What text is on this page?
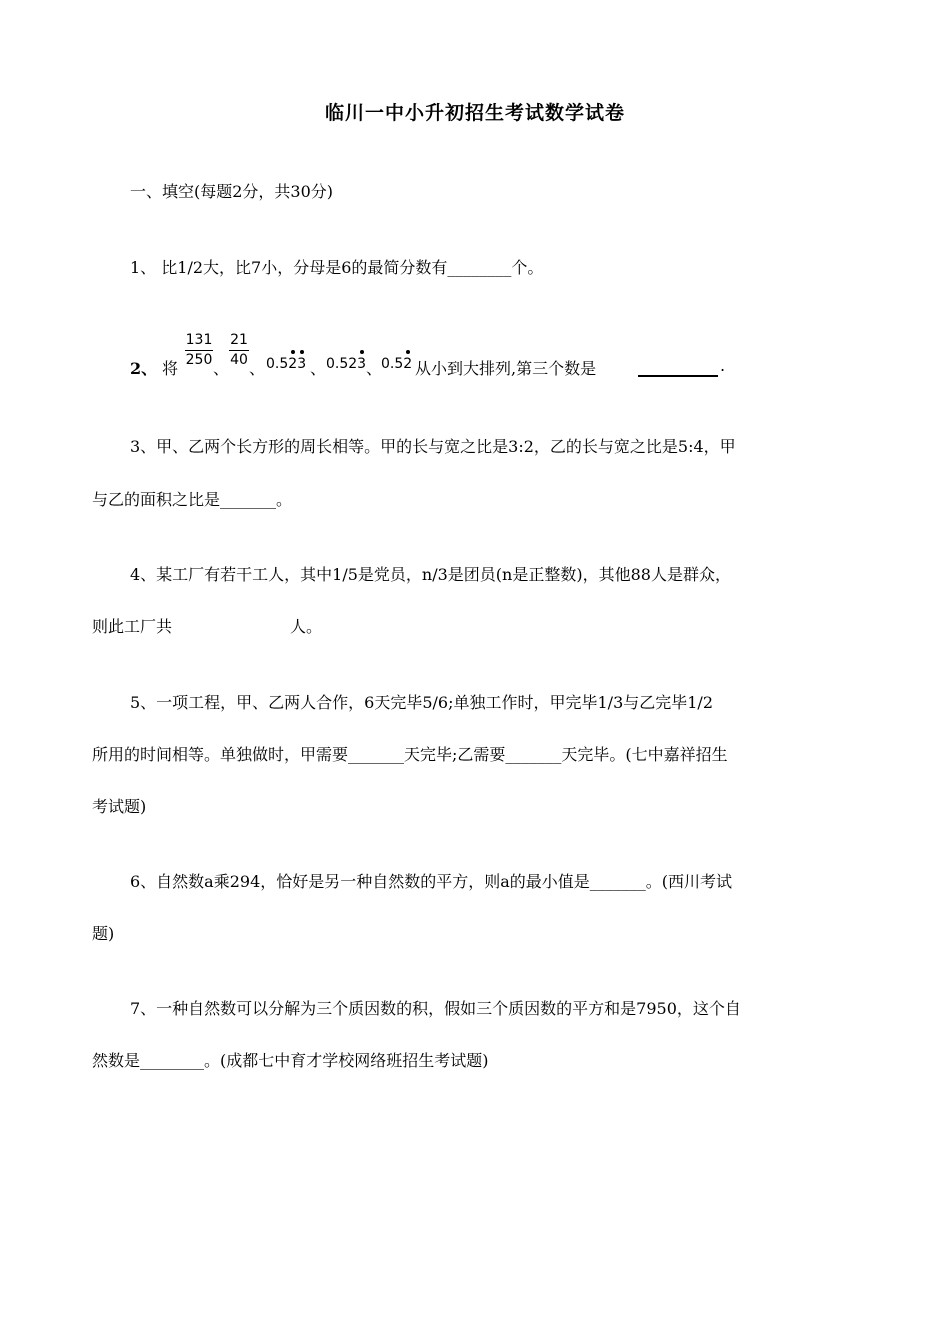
临川一中小升初招生考试数学试卷
一、填空(每题2分，共30分)
1、 比1/2大，比7小，分母是6的最简分数有________个。
2、 将
131
250 、
21
40 、 0.523 、 0.523 、
0.52 从小到大排列,第三个数是	.
3、甲、乙两个长方形的周长相等。甲的长与宽之比是3:2，乙的长与宽之比是5:4，甲
与乙的面积之比是_______。
4、某工厂有若干工人，其中1/5是党员，n/3是团员(n是正整数)，其他88人是群众，
则此工厂共	人。
5、一项工程，甲、乙两人合作，6天完毕5/6;单独工作时，甲完毕1/3与乙完毕1/2
所用的时间相等。单独做时，甲需要_______天完毕;乙需要_______天完毕。(七中嘉祥招生
考试题)
6、自然数a乘294，恰好是另一种自然数的平方，则a的最小值是_______。(西川考试
题)
7、一种自然数可以分解为三个质因数的积，假如三个质因数的平方和是7950，这个自
然数是________。(成都七中育才学校网络班招生考试题)
